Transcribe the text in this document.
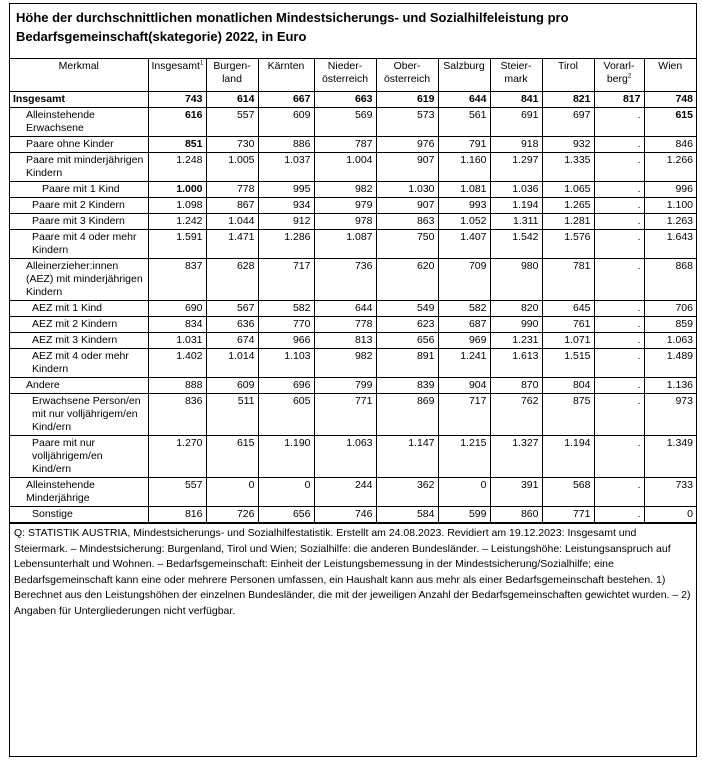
Höhe der durchschnittlichen monatlichen Mindestsicherungs- und Sozialhilfeleistung pro Bedarfsgemeinschaft(skategorie) 2022, in Euro
Merkmal	Insgesamt$^1$	Burgen-land	Kärnten	Nieder-österreich	Ober-österreich	Salzburg	Steier-mark	Tirol	Vorarl-berg$^2$	Wien
Insgesamt	743	614	667	663	619	644	841	821	817	748
Alleinstehende Erwachsene	616	557	609	569	573	561	691	697	.	615
Paare ohne Kinder	851	730	886	787	976	791	918	932	.	846
Paare mit minderjährigen Kindern	1.248	1.005	1.037	1.004	907	1.160	1.297	1.335	.	1.266
Paare mit 1 Kind	1.000	778	995	982	1.030	1.081	1.036	1.065	.	996
Paare mit 2 Kindern	1.098	867	934	979	907	993	1.194	1.265	.	1.100
Paare mit 3 Kindern	1.242	1.044	912	978	863	1.052	1.311	1.281	.	1.263
Paare mit 4 oder mehr Kindern	1.591	1.471	1.286	1.087	750	1.407	1.542	1.576	.	1.643
Alleinerzieher:innen (AEZ) mit minderjährigen Kindern	837	628	717	736	620	709	980	781	.	868
AEZ mit 1 Kind	690	567	582	644	549	582	820	645	.	706
AEZ mit 2 Kindern	834	636	770	778	623	687	990	761	.	859
AEZ mit 3 Kindern	1.031	674	966	813	656	969	1.231	1.071	.	1.063
AEZ mit 4 oder mehr Kindern	1.402	1.014	1.103	982	891	1.241	1.613	1.515	.	1.489
Andere	888	609	696	799	839	904	870	804	.	1.136
Erwachsene Person/en mit nur volljährigem/en Kind/ern	836	511	605	771	869	717	762	875	.	973
Paare mit nur volljährigem/en Kind/ern	1.270	615	1.190	1.063	1.147	1.215	1.327	1.194	.	1.349
Alleinstehende Minderjährige	557	0	0	244	362	0	391	568	.	733
Sonstige	816	726	656	746	584	599	860	771	.	0
Q: STATISTIK AUSTRIA, Mindestsicherungs- und Sozialhilfestatistik. Erstellt am 24.08.2023. Revidiert am 19.12.2023: Insgesamt und Steiermark. – Mindestsicherung: Burgenland, Tirol und Wien; Sozialhilfe: die anderen Bundesländer. – Leistungshöhe: Leistungsanspruch auf Lebensunterhalt und Wohnen. – Bedarfsgemeinschaft: Einheit der Leistungsbemessung in der Mindestsicherung/Sozialhilfe; eine Bedarfsgemeinschaft kann eine oder mehrere Personen umfassen, ein Haushalt kann aus mehr als einer Bedarfsgemeinschaft bestehen. 1) Berechnet aus den Leistungshöhen der einzelnen Bundesländer, die mit der jeweiligen Anzahl der Bedarfsgemeinschaften gewichtet wurden. – 2) Angaben für Untergliederungen nicht verfügbar.
